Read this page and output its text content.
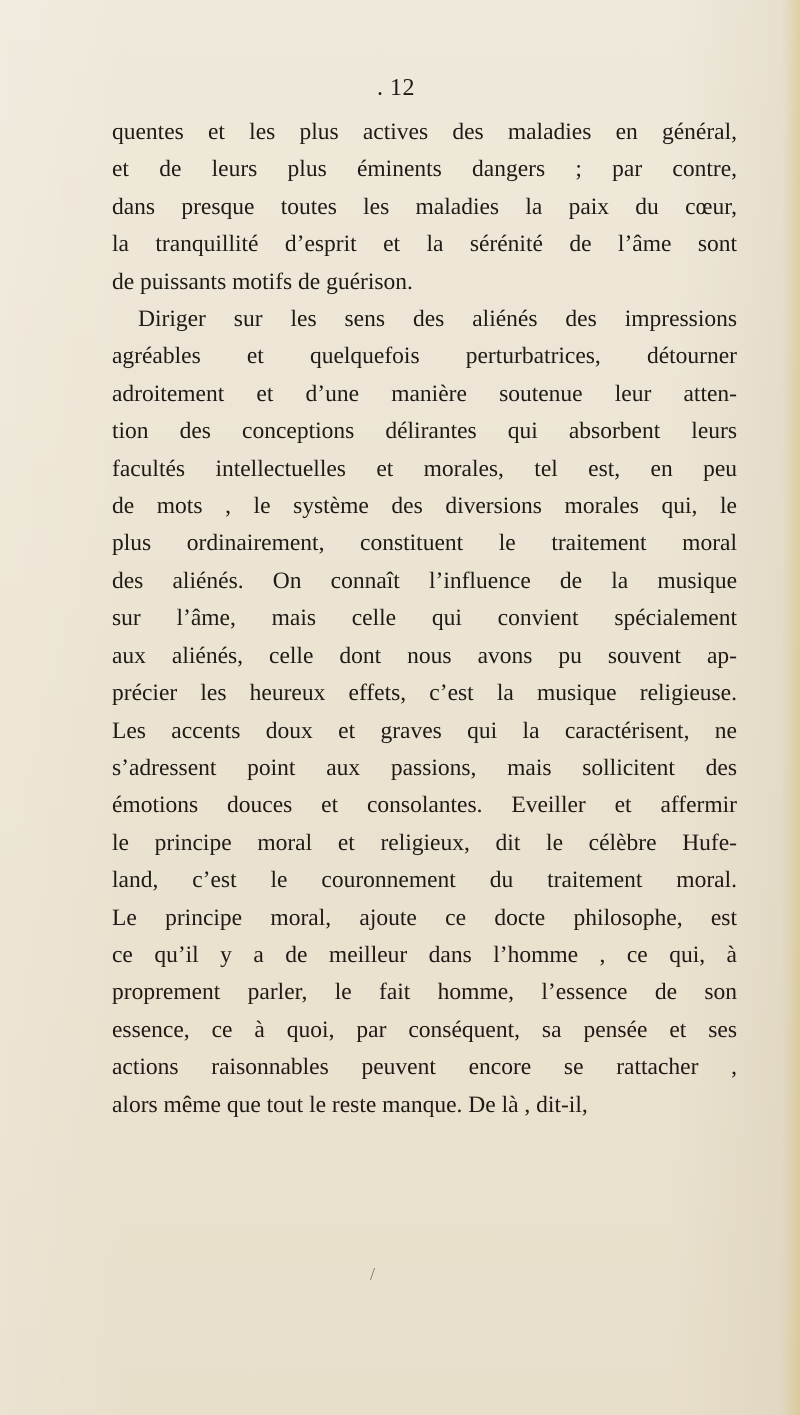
. 12
quentes et les plus actives des maladies en général,
et de leurs plus éminents dangers ; par contre,
dans presque toutes les maladies la paix du cœur,
la tranquillité d’esprit et la sérénité de l’âme sont
de puissants motifs de guérison.
Diriger sur les sens des aliénés des impressions
agréables et quelquefois perturbatrices, détourner
adroitement et d’une manière soutenue leur atten-
tion des conceptions délirantes qui absorbent leurs
facultés intellectuelles et morales, tel est, en peu
de mots , le système des diversions morales qui, le
plus ordinairement, constituent le traitement moral
des aliénés. On connaît l’influence de la musique
sur l’âme, mais celle qui convient spécialement
aux aliénés, celle dont nous avons pu souvent ap-
précier les heureux effets, c’est la musique religieuse.
Les accents doux et graves qui la caractérisent, ne
s’adressent point aux passions, mais sollicitent des
émotions douces et consolantes. Eveiller et affermir
le principe moral et religieux, dit le célèbre Hufe-
land, c’est le couronnement du traitement moral.
Le principe moral, ajoute ce docte philosophe, est
ce qu’il y a de meilleur dans l’homme , ce qui, à
proprement parler, le fait homme, l’essence de son
essence, ce à quoi, par conséquent, sa pensée et ses
actions raisonnables peuvent encore se rattacher ,
alors même que tout le reste manque. De là , dit-il,
/
